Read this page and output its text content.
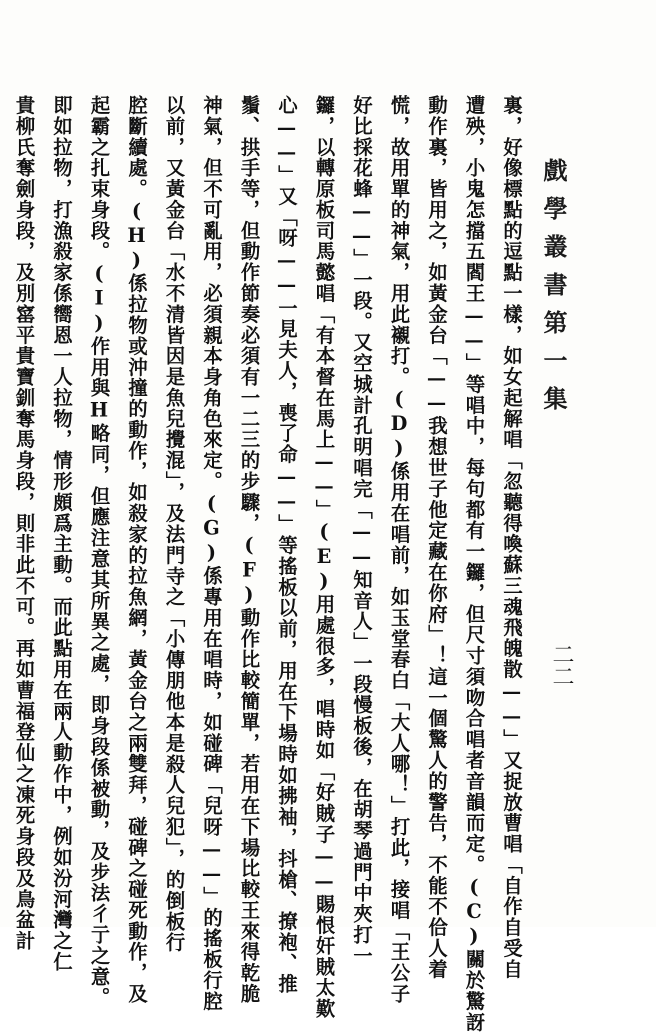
戲學叢書第一集
二二
裏，好像標點的逗點一樣，如女起解唱「忽聽得喚蘇三魂飛魄散——」又捉放曹唱「自作自受自
遭殃，小鬼怎擋五閻王——」等唱中，每句都有一鑼，但尺寸須吻合唱者音韻而定。(C)關於驚訝
動作裏，皆用之，如黃金台「——我想世子他定藏在你府」！這一個驚人的警告，不能不佮人着
慌，故用單的神氣，用此襯打。(D)係用在唱前，如玉堂春白「大人哪！」打此，接唱「王公子
好比採花蜂——」一段。又空城計孔明唱完「——知音人」一段慢板後，在胡琴過門中夾打一
鑼，以轉原板司馬懿唱「有本督在馬上——」(E)用處很多，唱時如「好賊子——賜恨奸賊太歎
心——」又「呀——一見夫人，喪了命——」等搖板以前，用在下場時如拂袖，抖槍、撩袍、推
鬚、拱手等，但動作節奏必須有一二三的步驟，(F)動作比較簡單，若用在下場比較王來得乾脆
神氣，但不可亂用，必須親本身角色來定。(G)係專用在唱時，如碰碑「兒呀——」的搖板行腔
以前，又黃金台「水不清皆因是魚兒攪混」，及法門寺之「小傳朋他本是殺人兒犯」，的倒板行
腔斷續處。(H)係拉物或沖撞的動作，如殺家的拉魚網，黃金台之兩雙拜，碰碑之碰死動作，及
起霸之扎束身段。(I)作用與H略同，但應注意其所異之處，即身段係被動，及步法彳亍之意。
即如拉物，打漁殺家係嚮恩一人拉物，情形頗爲主動。而此點用在兩人動作中，例如汾河灣之仁
貴柳氏奪劍身段，及別窰平貴寶釧奪馬身段，則非此不可。再如曹福登仙之凍死身段及鳥盆計
